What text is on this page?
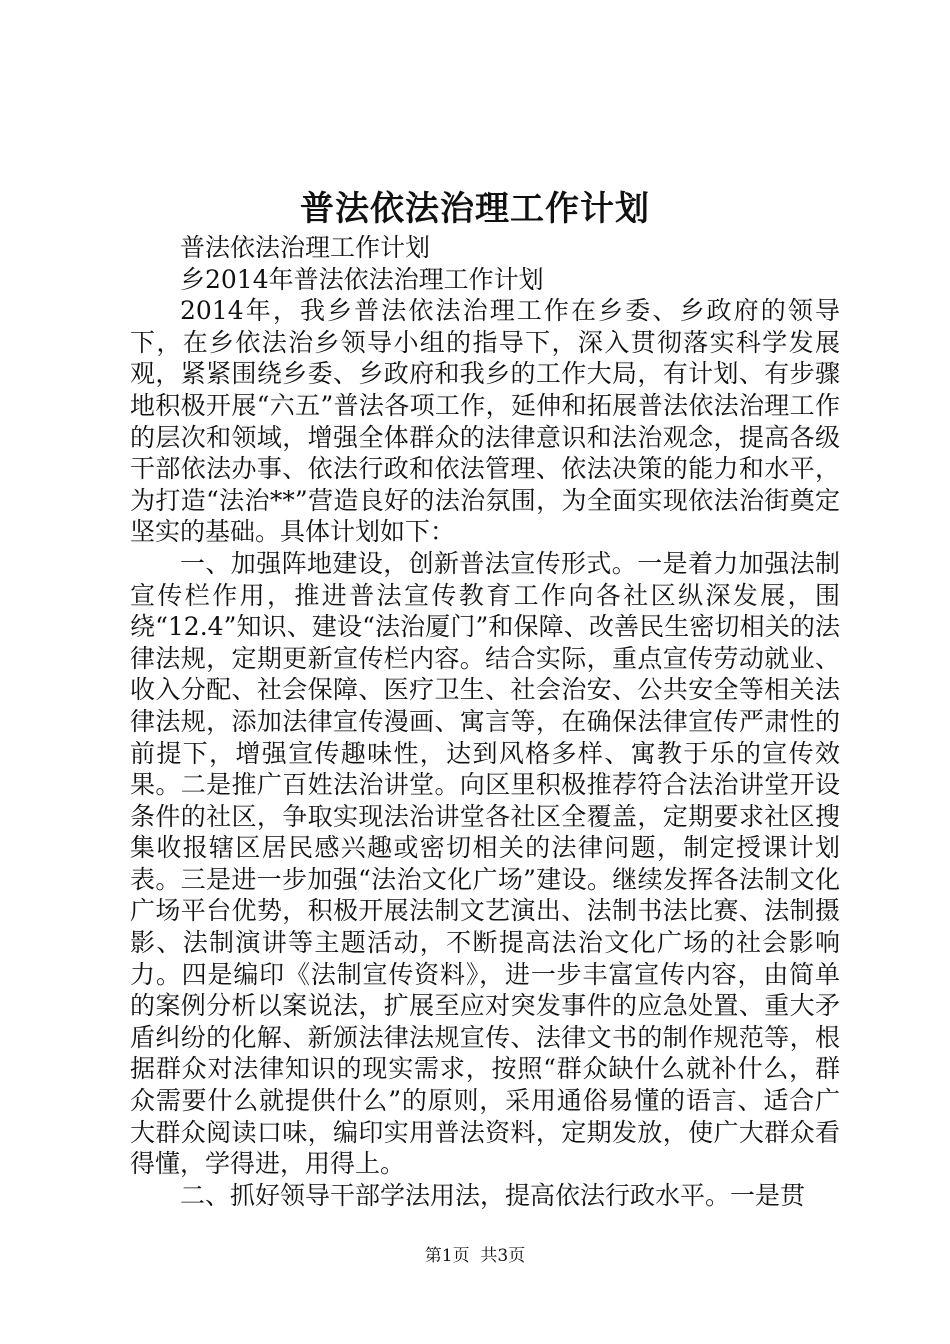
普法依法治理工作计划

普法依法治理工作计划

乡2014年普法依法治理工作计划

2014年，我乡普法依法治理工作在乡委、乡政府的领导下，在乡依法治乡领导小组的指导下，深入贯彻落实科学发展观，紧紧围绕乡委、乡政府和我乡的工作大局，有计划、有步骤地积极开展“六五”普法各项工作，延伸和拓展普法依法治理工作的层次和领域，增强全体群众的法律意识和法治观念，提高各级干部依法办事、依法行政和依法管理、依法决策的能力和水平，为打造“法治**”营造良好的法治氛围，为全面实现依法治街奠定坚实的基础。具体计划如下：

一、加强阵地建设，创新普法宣传形式。一是着力加强法制宣传栏作用，推进普法宣传教育工作向各社区纵深发展，围绕“12.4”知识、建设“法治厦门”和保障、改善民生密切相关的法律法规，定期更新宣传栏内容。结合实际，重点宣传劳动就业、收入分配、社会保障、医疗卫生、社会治安、公共安全等相关法律法规，添加法律宣传漫画、寓言等，在确保法律宣传严肃性的前提下，增强宣传趣味性，达到风格多样、寓教于乐的宣传效果。二是推广百姓法治讲堂。向区里积极推荐符合法治讲堂开设条件的社区，争取实现法治讲堂各社区全覆盖，定期要求社区搜集收报辖区居民感兴趣或密切相关的法律问题，制定授课计划表。三是进一步加强“法治文化广场”建设。继续发挥各法制文化广场平台优势，积极开展法制文艺演出、法制书法比赛、法制摄影、法制演讲等主题活动，不断提高法治文化广场的社会影响力。四是编印《法制宣传资料》，进一步丰富宣传内容，由简单的案例分析以案说法，扩展至应对突发事件的应急处置、重大矛盾纠纷的化解、新颁法律法规宣传、法律文书的制作规范等，根据群众对法律知识的现实需求，按照“群众缺什么就补什么，群众需要什么就提供什么”的原则，采用通俗易懂的语言、适合广大群众阅读口味，编印实用普法资料，定期发放，使广大群众看得懂，学得进，用得上。

二、抓好领导干部学法用法，提高依法行政水平。一是贯

第1页  共3页
